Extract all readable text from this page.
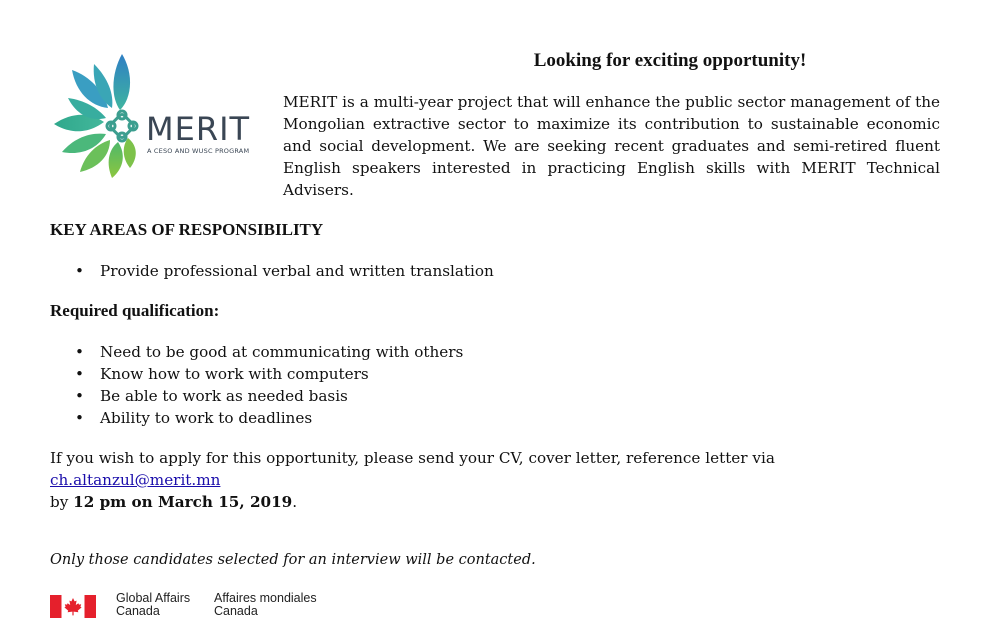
MERIT
A CESO AND WUSC PROGRAM
Looking for exciting opportunity!

MERIT is a multi-year project that will enhance the public sector management of the Mongolian extractive sector to maximize its contribution to sustainable economic and social development. We are seeking recent graduates and semi-retired fluent English speakers interested in practicing English skills with MERIT Technical Advisers.

KEY AREAS OF RESPONSIBILITY

• Provide professional verbal and written translation

Required qualification:

• Need to be good at communicating with others
• Know how to work with computers
• Be able to work as needed basis
• Ability to work to deadlines

If you wish to apply for this opportunity, please send your CV, cover letter, reference letter via ch.altanzul@merit.mn
by 12 pm on March 15, 2019.

Only those candidates selected for an interview will be contacted.

Global Affairs
Canada
Affaires mondiales
Canada
